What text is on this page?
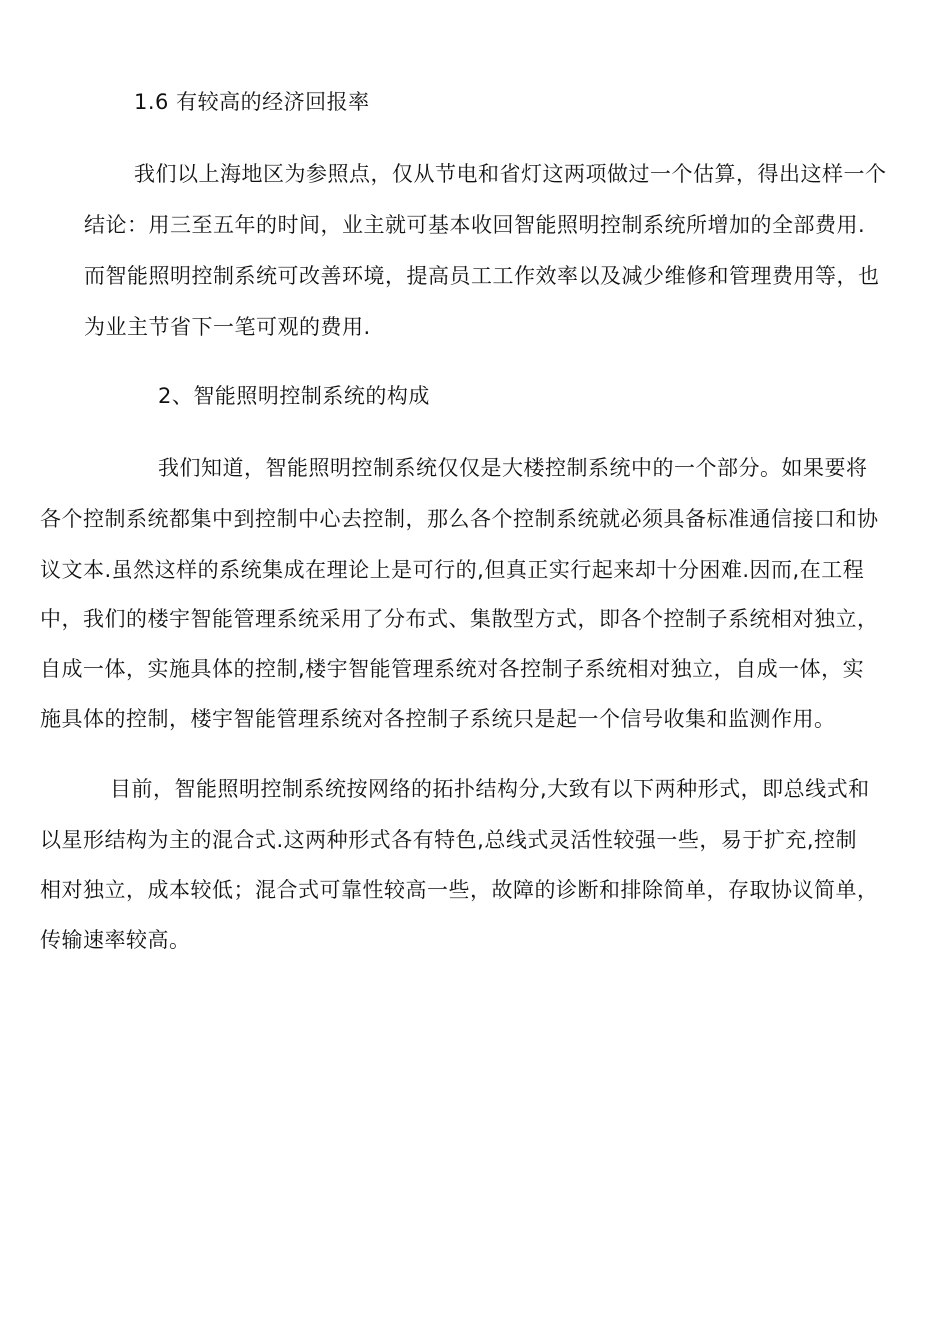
1.6 有较高的经济回报率
我们以上海地区为参照点，仅从节电和省灯这两项做过一个估算，得出这样一个
结论：用三至五年的时间，业主就可基本收回智能照明控制系统所增加的全部费用.
而智能照明控制系统可改善环境，提高员工工作效率以及减少维修和管理费用等，也
为业主节省下一笔可观的费用.
2、智能照明控制系统的构成
我们知道，智能照明控制系统仅仅是大楼控制系统中的一个部分。如果要将
各个控制系统都集中到控制中心去控制，那么各个控制系统就必须具备标准通信接口和协
议文本.虽然这样的系统集成在理论上是可行的,但真正实行起来却十分困难.因而,在工程
中，我们的楼宇智能管理系统采用了分布式、集散型方式，即各个控制子系统相对独立，
自成一体，实施具体的控制,楼宇智能管理系统对各控制子系统相对独立，自成一体，实
施具体的控制，楼宇智能管理系统对各控制子系统只是起一个信号收集和监测作用。
目前，智能照明控制系统按网络的拓扑结构分,大致有以下两种形式，即总线式和
以星形结构为主的混合式.这两种形式各有特色,总线式灵活性较强一些，易于扩充,控制
相对独立，成本较低；混合式可靠性较高一些，故障的诊断和排除简单，存取协议简单，
传输速率较高。
